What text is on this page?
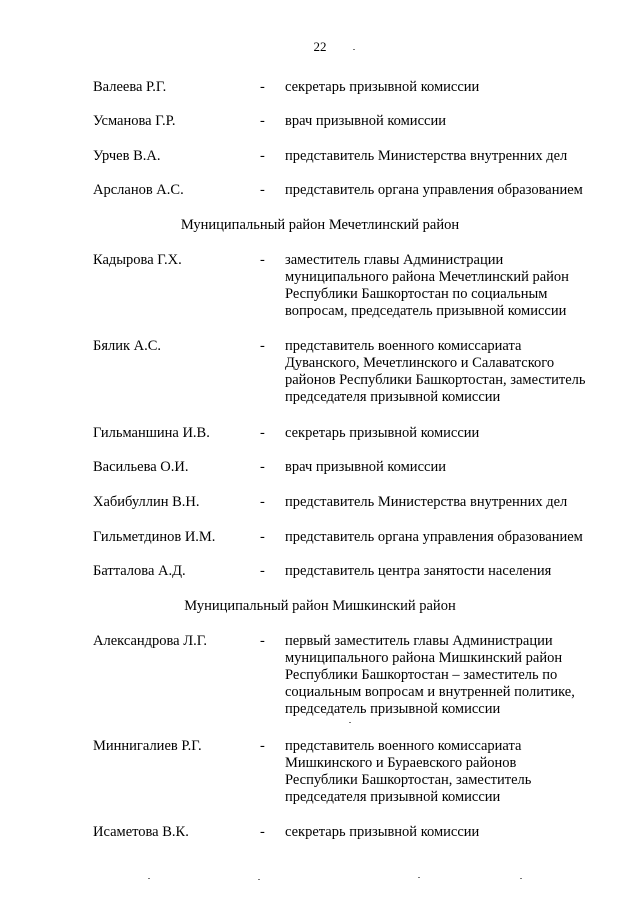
22
Валеева Р.Г.	- секретарь призывной комиссии
Усманова Г.Р.	- врач призывной комиссии
Урчев В.А.	- представитель Министерства внутренних дел
Арсланов А.С.	- представитель органа управления образованием
Муниципальный район Мечетлинский район
Кадырова Г.Х.	- заместитель главы Администрации
муниципального района Мечетлинский район
Республики Башкортостан по социальным
вопросам, председатель призывной комиссии
Бялик А.С.	- представитель военного комиссариата
Дуванского, Мечетлинского и Салаватского
районов Республики Башкортостан, заместитель
председателя призывной комиссии
Гильманшина И.В.	- секретарь призывной комиссии
Васильева О.И.	- врач призывной комиссии
Хабибуллин В.Н.	- представитель Министерства внутренних дел
Гильметдинов И.М.	- представитель органа управления образованием
Батталова А.Д.	- представитель центра занятости населения
Муниципальный район Мишкинский район
Александрова Л.Г.	- первый заместитель главы Администрации
муниципального района Мишкинский район
Республики Башкортостан – заместитель по
социальным вопросам и внутренней политике,
председатель призывной комиссии
Миннигалиев Р.Г.	- представитель военного комиссариата
Мишкинского и Бураевского районов
Республики Башкортостан, заместитель
председателя призывной комиссии
Исаметова В.К.	- секретарь призывной комиссии
